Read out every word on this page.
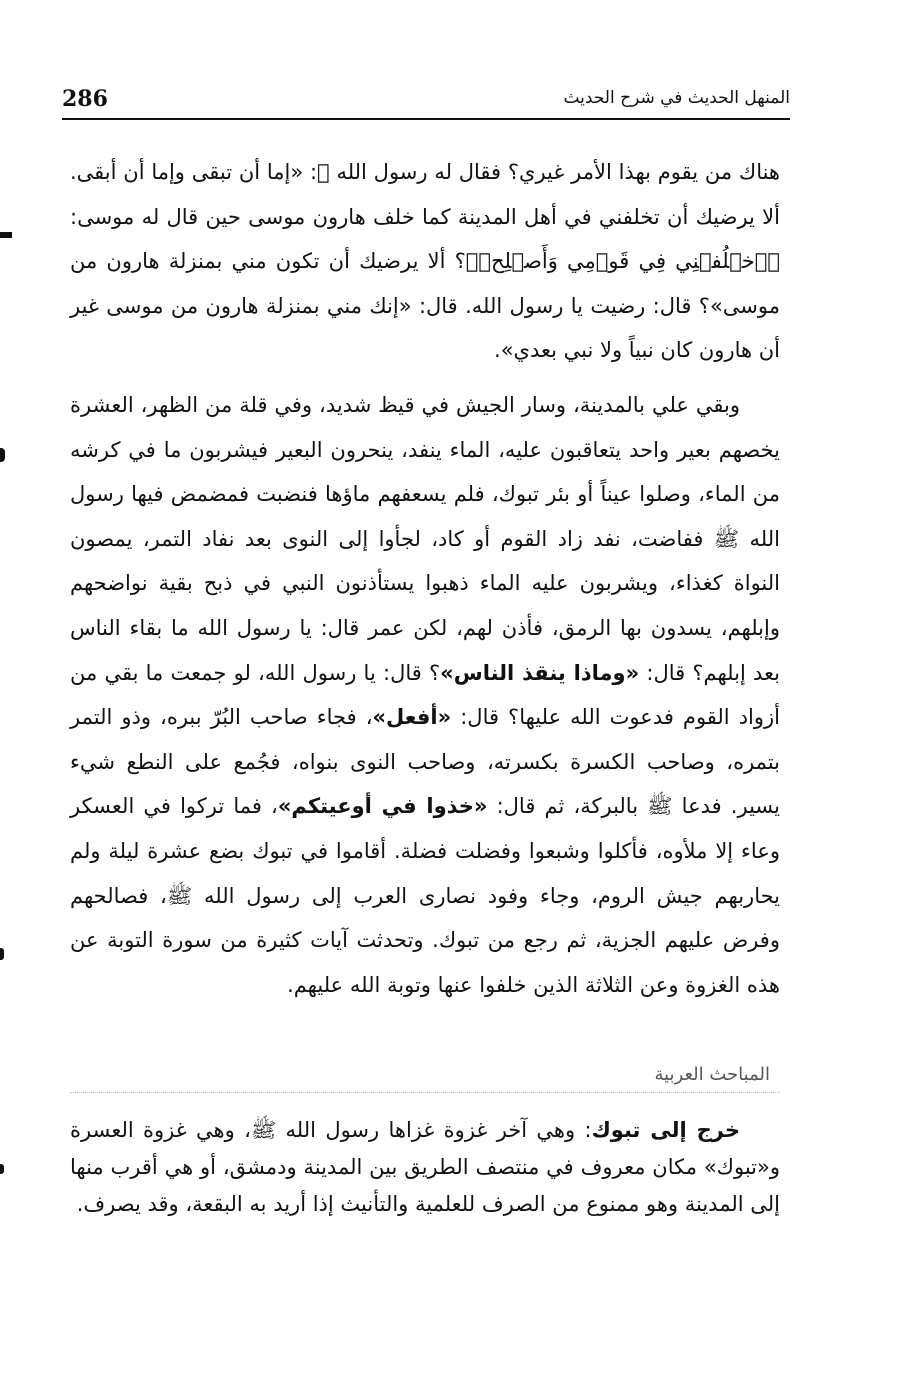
286	المنهل الحديث في شرح الحديث

هناك من يقوم بهذا الأمر غيري؟ فقال له رسول الله ﷺ: «إما أن تبقى وإما أن أبقى. ألا يرضيك أن تخلفني في أهل المدينة كما خلف هارون موسى حين قال له موسى: ﴿ٱخۡلُفۡنِي فِي قَوۡمِي وَأَصۡلِحۡ﴾؟ ألا يرضيك أن تكون مني بمنزلة هارون من موسى»؟ قال: رضيت يا رسول الله. قال: «إنك مني بمنزلة هارون من موسى غير أن هارون كان نبياً ولا نبي بعدي».

وبقي علي بالمدينة، وسار الجيش في قيظ شديد، وفي قلة من الظهر، العشرة يخصهم بعير واحد يتعاقبون عليه، الماء ينفد، ينحرون البعير فيشربون ما في كرشه من الماء، وصلوا عيناً أو بئر تبوك، فلم يسعفهم ماؤها فنضبت فمضمض فيها رسول الله ﷺ ففاضت، نفد زاد القوم أو كاد، لجأوا إلى النوى بعد نفاد التمر، يمصون النواة كغذاء، ويشربون عليه الماء ذهبوا يستأذنون النبي في ذبح بقية نواضحهم وإبلهم، يسدون بها الرمق، فأذن لهم، لكن عمر قال: يا رسول الله ما بقاء الناس بعد إبلهم؟ قال: «وماذا ينقذ الناس»؟ قال: يا رسول الله، لو جمعت ما بقي من أزواد القوم فدعوت الله عليها؟ قال: «أفعل»، فجاء صاحب البُرّ ببره، وذو التمر بتمره، وصاحب الكسرة بكسرته، وصاحب النوى بنواه، فجُمع على النطع شيء يسير. فدعا ﷺ بالبركة، ثم قال: «خذوا في أوعيتكم»، فما تركوا في العسكر وعاء إلا ملأوه، فأكلوا وشبعوا وفضلت فضلة. أقاموا في تبوك بضع عشرة ليلة ولم يحاربهم جيش الروم، وجاء وفود نصارى العرب إلى رسول الله ﷺ، فصالحهم وفرض عليهم الجزية، ثم رجع من تبوك. وتحدثت آيات كثيرة من سورة التوبة عن هذه الغزوة وعن الثلاثة الذين خلفوا عنها وتوبة الله عليهم.

المباحث العربية

خرج إلى تبوك: وهي آخر غزوة غزاها رسول الله ﷺ، وهي غزوة العسرة و«تبوك» مكان معروف في منتصف الطريق بين المدينة ودمشق، أو هي أقرب منها إلى المدينة وهو ممنوع من الصرف للعلمية والتأنيث إذا أريد به البقعة، وقد يصرف.
